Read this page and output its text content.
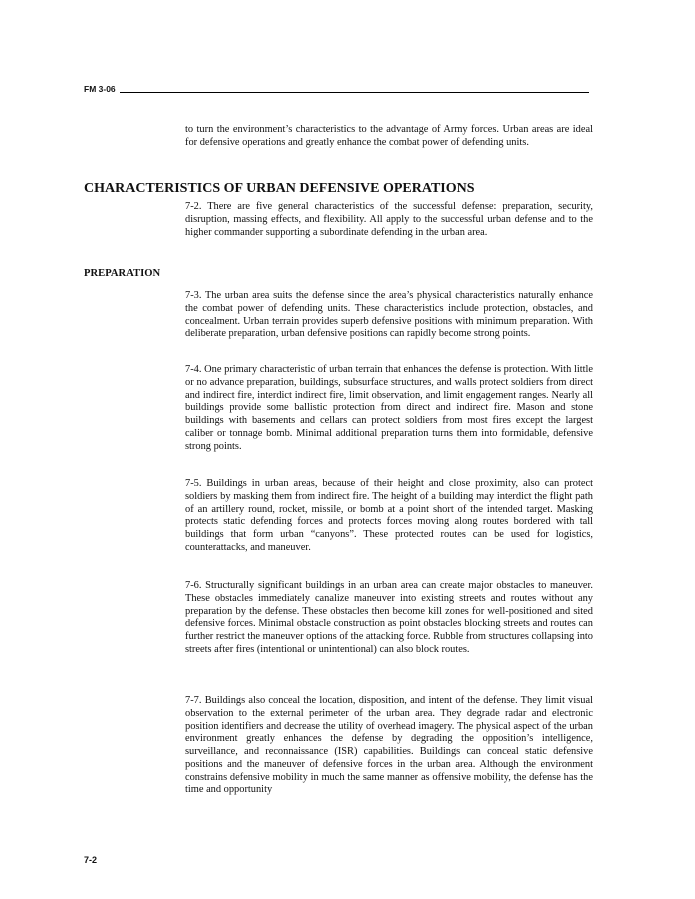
FM 3-06

to turn the environment’s characteristics to the advantage of Army forces. Urban areas are ideal for defensive operations and greatly enhance the combat power of defending units.

CHARACTERISTICS OF URBAN DEFENSIVE OPERATIONS

7-2. There are five general characteristics of the successful defense: preparation, security, disruption, massing effects, and flexibility. All apply to the successful urban defense and to the higher commander supporting a subordinate defending in the urban area.

PREPARATION

7-3. The urban area suits the defense since the area’s physical characteristics naturally enhance the combat power of defending units. These characteristics include protection, obstacles, and concealment. Urban terrain provides superb defensive positions with minimum preparation. With deliberate preparation, urban defensive positions can rapidly become strong points.

7-4. One primary characteristic of urban terrain that enhances the defense is protection. With little or no advance preparation, buildings, subsurface structures, and walls protect soldiers from direct and indirect fire, interdict indirect fire, limit observation, and limit engagement ranges. Nearly all buildings provide some ballistic protection from direct and indirect fire. Mason and stone buildings with basements and cellars can protect soldiers from most fires except the largest caliber or tonnage bomb. Minimal additional preparation turns them into formidable, defensive strong points.

7-5. Buildings in urban areas, because of their height and close proximity, also can protect soldiers by masking them from indirect fire. The height of a building may interdict the flight path of an artillery round, rocket, missile, or bomb at a point short of the intended target. Masking protects static defending forces and protects forces moving along routes bordered with tall buildings that form urban “canyons”. These protected routes can be used for logistics, counterattacks, and maneuver.

7-6. Structurally significant buildings in an urban area can create major obstacles to maneuver. These obstacles immediately canalize maneuver into existing streets and routes without any preparation by the defense. These obstacles then become kill zones for well-positioned and sited defensive forces. Minimal obstacle construction as point obstacles blocking streets and routes can further restrict the maneuver options of the attacking force. Rubble from structures collapsing into streets after fires (intentional or unintentional) can also block routes.

7-7. Buildings also conceal the location, disposition, and intent of the defense. They limit visual observation to the external perimeter of the urban area. They degrade radar and electronic position identifiers and decrease the utility of overhead imagery. The physical aspect of the urban environment greatly enhances the defense by degrading the opposition’s intelligence, surveillance, and reconnaissance (ISR) capabilities. Buildings can conceal static defensive positions and the maneuver of defensive forces in the urban area. Although the environment constrains defensive mobility in much the same manner as offensive mobility, the defense has the time and opportunity

7-2
